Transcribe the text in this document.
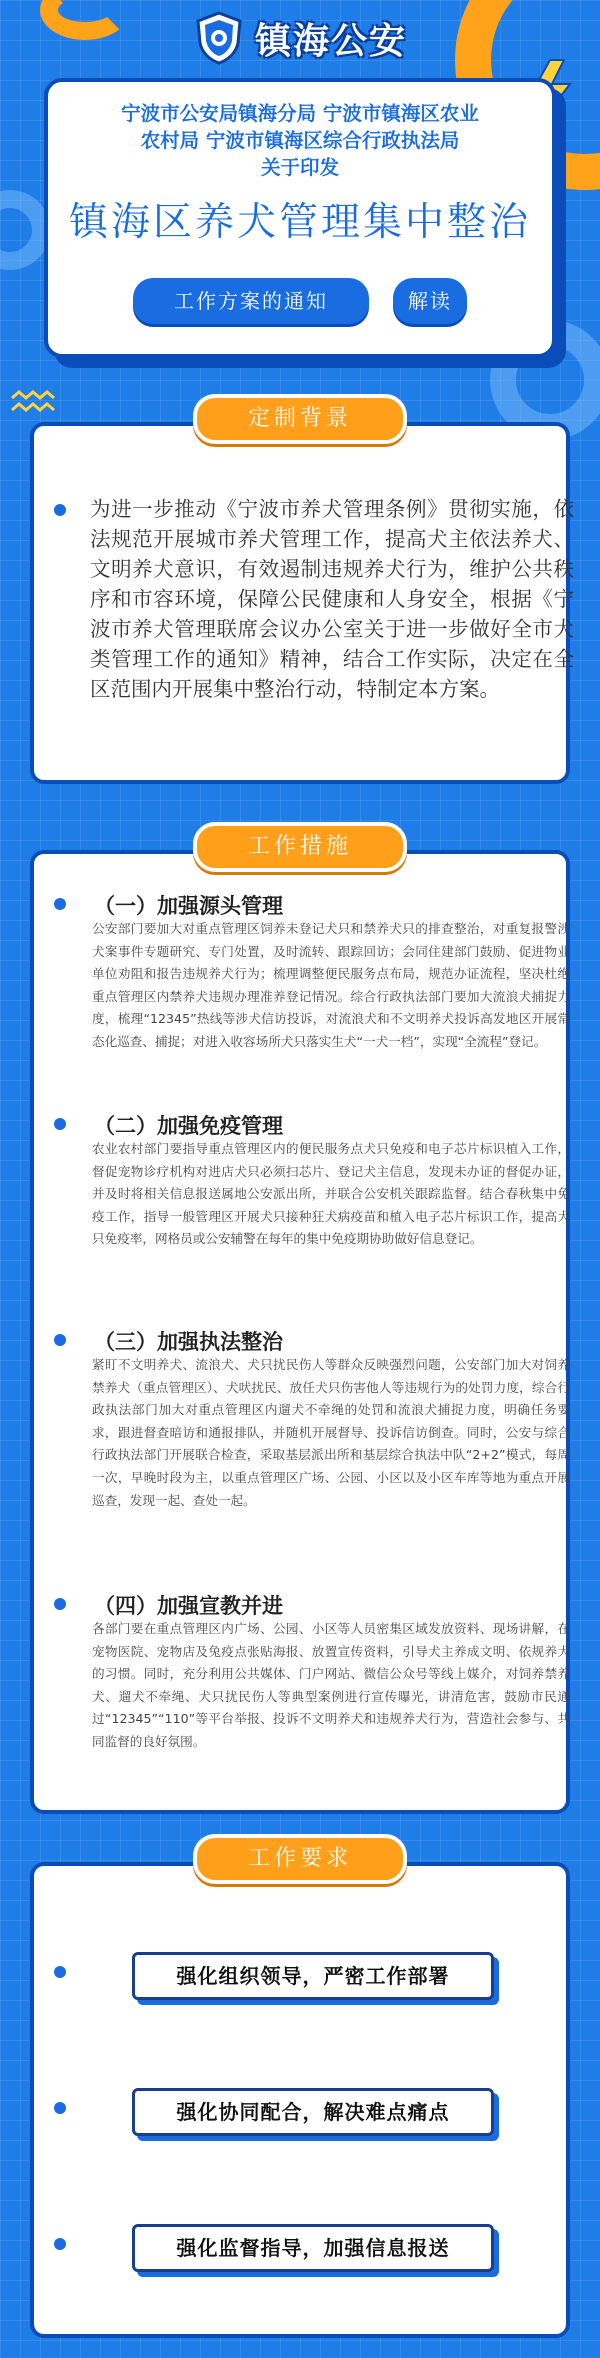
镇海公安
宁波市公安局镇海分局 宁波市镇海区农业
农村局 宁波市镇海区综合行政执法局
关于印发
镇海区养犬管理集中整治
工作方案的通知	解读
为进一步推动《宁波市养犬管理条例》贯彻实施，依法规范开展城市养犬管理工作，提高犬主依法养犬、文明养犬意识，有效遏制违规养犬行为，维护公共秩序和市容环境，保障公民健康和人身安全，根据《宁波市养犬管理联席会议办公室关于进一步做好全市犬类管理工作的通知》精神，结合工作实际，决定在全区范围内开展集中整治行动，特制定本方案。
定制背景
（一）加强源头管理
公安部门要加大对重点管理区饲养未登记犬只和禁养犬只的排查整治，对重复报警涉犬案事件专题研究、专门处置，及时流转、跟踪回访；会同住建部门鼓励、促进物业单位劝阻和报告违规养犬行为；梳理调整便民服务点布局，规范办证流程，坚决杜绝重点管理区内禁养犬违规办理准养登记情况。综合行政执法部门要加大流浪犬捕捉力度，梳理“12345”热线等涉犬信访投诉，对流浪犬和不文明养犬投诉高发地区开展常态化巡查、捕捉；对进入收容场所犬只落实生犬“一犬一档”，实现“全流程”登记。
（二）加强免疫管理
农业农村部门要指导重点管理区内的便民服务点犬只免疫和电子芯片标识植入工作，督促宠物诊疗机构对进店犬只必须扫芯片、登记犬主信息，发现未办证的督促办证，并及时将相关信息报送属地公安派出所，并联合公安机关跟踪监督。结合春秋集中免疫工作，指导一般管理区开展犬只接种狂犬病疫苗和植入电子芯片标识工作，提高犬只免疫率，网格员或公安辅警在每年的集中免疫期协助做好信息登记。
（三）加强执法整治
紧盯不文明养犬、流浪犬、犬只扰民伤人等群众反映强烈问题，公安部门加大对饲养禁养犬（重点管理区）、犬吠扰民、放任犬只伤害他人等违规行为的处罚力度，综合行政执法部门加大对重点管理区内遛犬不牵绳的处罚和流浪犬捕捉力度，明确任务要求，跟进督查暗访和通报排队，并随机开展督导、投诉信访倒查。同时，公安与综合行政执法部门开展联合检查，采取基层派出所和基层综合执法中队“2+2”模式，每周一次，早晚时段为主，以重点管理区广场、公园、小区以及小区车库等地为重点开展巡查，发现一起、查处一起。
（四）加强宣教并进
各部门要在重点管理区内广场、公园、小区等人员密集区域发放资料、现场讲解，在宠物医院、宠物店及兔疫点张贴海报、放置宣传资料，引导犬主养成文明、依规养犬的习惯。同时，充分利用公共媒体、门户网站、微信公众号等线上媒介，对饲养禁养犬、遛犬不牵绳、犬只扰民伤人等典型案例进行宣传曝光，讲清危害，鼓励市民通过“12345”“110”等平台举报、投诉不文明养犬和违规养犬行为，营造社会参与、共同监督的良好氛围。
工作措施
强化组织领导，严密工作部署
强化协同配合，解决难点痛点
强化监督指导，加强信息报送
工作要求
